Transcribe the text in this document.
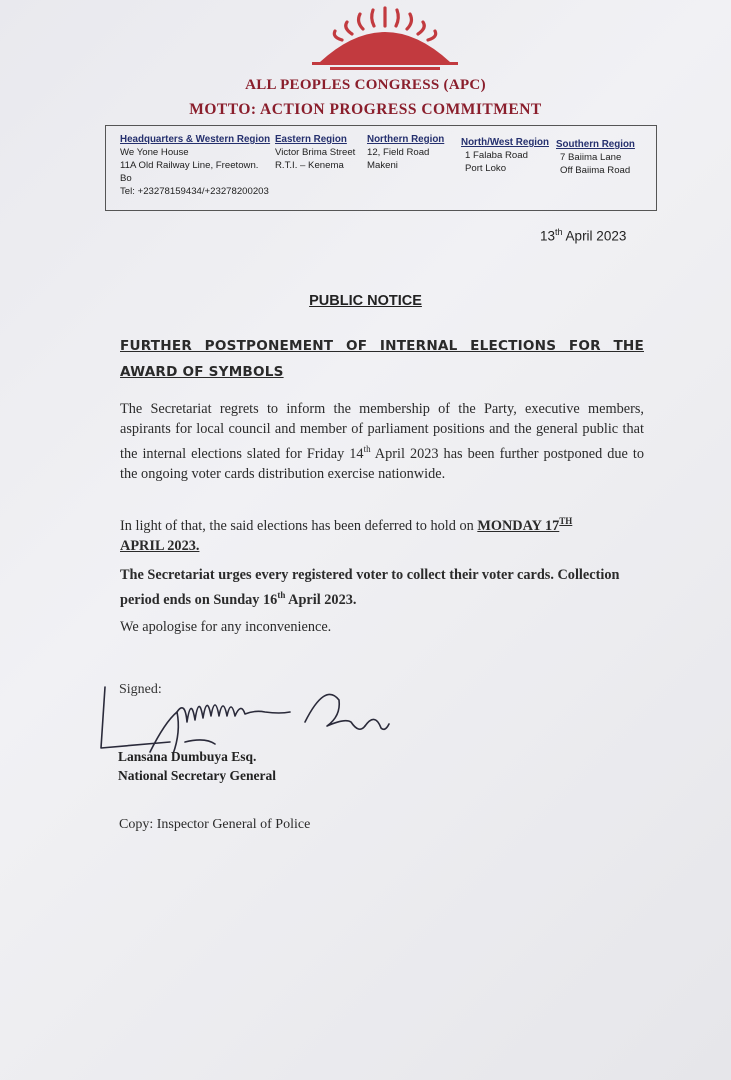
ALL PEOPLES CONGRESS (APC)
MOTTO: ACTION PROGRESS COMMITMENT
Headquarters & Western Region
We Yone House
11A Old Railway Line, Freetown.
Bo
Tel: +23278159434/+23278200203
Eastern Region
Victor Brima Street
R.T.I. – Kenema
Northern Region
12, Field Road
Makeni
North/West Region
1 Falaba Road
Port Loko
Southern Region
7 Baiima Lane
Off Baiima Road
13th April 2023
PUBLIC NOTICE
FURTHER POSTPONEMENT OF INTERNAL ELECTIONS FOR THE AWARD OF SYMBOLS
The Secretariat regrets to inform the membership of the Party, executive members, aspirants for local council and member of parliament positions and the general public that the internal elections slated for Friday 14th April 2023 has been further postponed due to the ongoing voter cards distribution exercise nationwide.
In light of that, the said elections has been deferred to hold on MONDAY 17TH
APRIL 2023.
The Secretariat urges every registered voter to collect their voter cards. Collection period ends on Sunday 16th April 2023.
We apologise for any inconvenience.
Signed:
Lansana Dumbuya Esq.
National Secretary General
Copy: Inspector General of Police
